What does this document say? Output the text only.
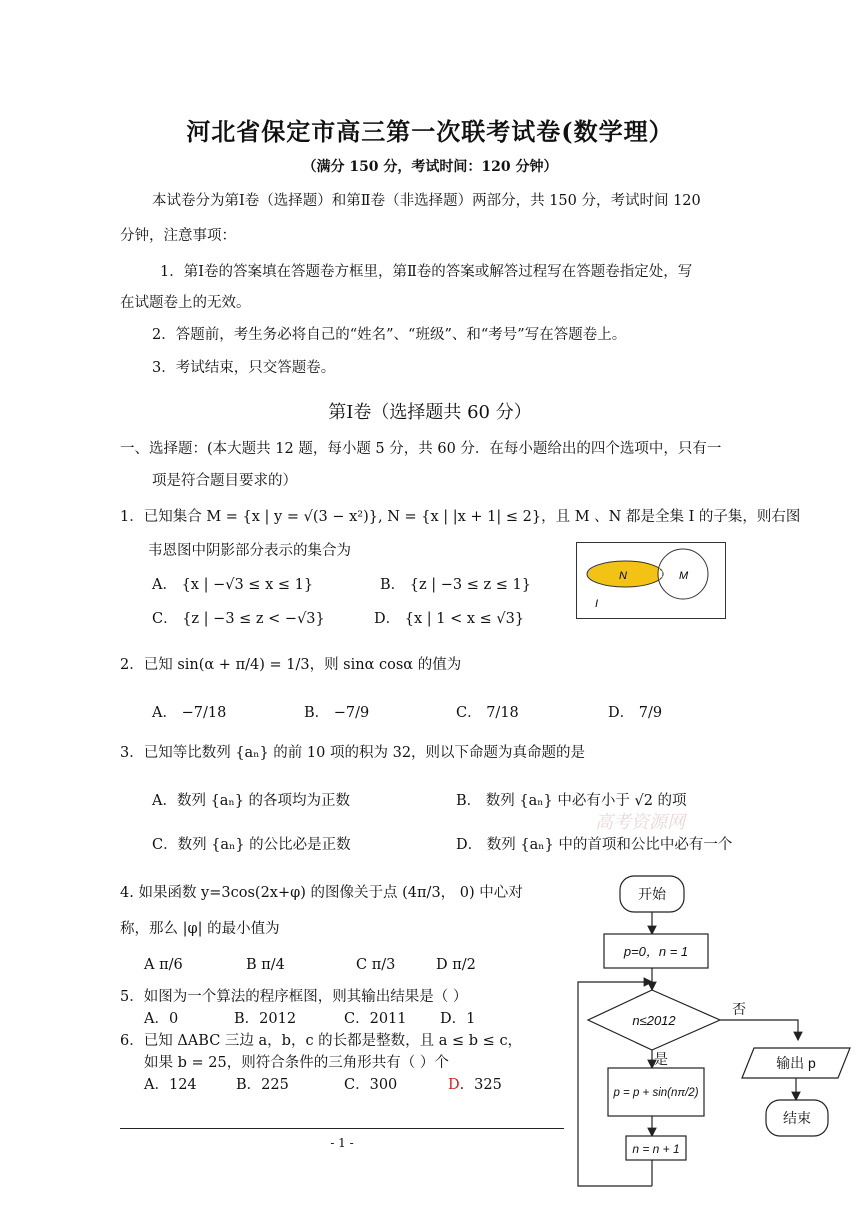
河北省保定市高三第一次联考试卷(数学理）
（满分 150 分，考试时间：120 分钟）
本试卷分为第Ⅰ卷（选择题）和第Ⅱ卷（非选择题）两部分，共 150 分，考试时间 120
分钟，注意事项：
1．第Ⅰ卷的答案填在答题卷方框里，第Ⅱ卷的答案或解答过程写在答题卷指定处，写
在试题卷上的无效。
2．答题前，考生务必将自己的“姓名”、“班级”、和“考号”写在答题卷上。
3．考试结束，只交答题卷。
第Ⅰ卷（选择题共 60 分）
一、选择题：(本大题共 12 题，每小题 5 分，共 60 分．在每小题给出的四个选项中，只有一
项是符合题目要求的）
1．已知集合 M = {x | y = √(3 − x²)}, N = {x | |x + 1| ≤ 2}，且 M 、N 都是全集 I 的子集，则右图
韦恩图中阴影部分表示的集合为
A． {x | −√3 ≤ x ≤ 1}	B． {z | −3 ≤ z ≤ 1}
C． {z | −3 ≤ z < −√3}	D． {x | 1 < x ≤ √3}
N	M
I
2．已知 sin(α + π/4) = 1/3，则 sinα cosα 的值为
A． −7/18	B． −7/9	C． 7/18	D． 7/9
3．已知等比数列 {aₙ} 的前 10 项的积为 32，则以下命题为真命题的是
A．数列 {aₙ} 的各项均为正数	B． 数列 {aₙ} 中必有小于 √2 的项
C．数列 {aₙ} 的公比必是正数	D． 数列 {aₙ} 中的首项和公比中必有一个
高考资源网
4. 如果函数 y=3cos(2x+φ) 的图像关于点 (4π/3， 0) 中心对
称，那么 |φ| 的最小值为
A π/6	B π/4	C π/3	D π/2
5．如图为一个算法的程序框图，则其输出结果是（ ）
A．0	B．2012	C．2011 D．1
6．已知 ΔABC 三边 a，b，c 的长都是整数，且 a ≤ b ≤ c，
如果 b = 25，则符合条件的三角形共有（ ）个
A．124	B．225	C．300	D．325
开始
p=0，n = 1
n≤2012
否
是
p = p + sin(nπ/2)
n = n + 1
输出 p
结束
- 1 -
